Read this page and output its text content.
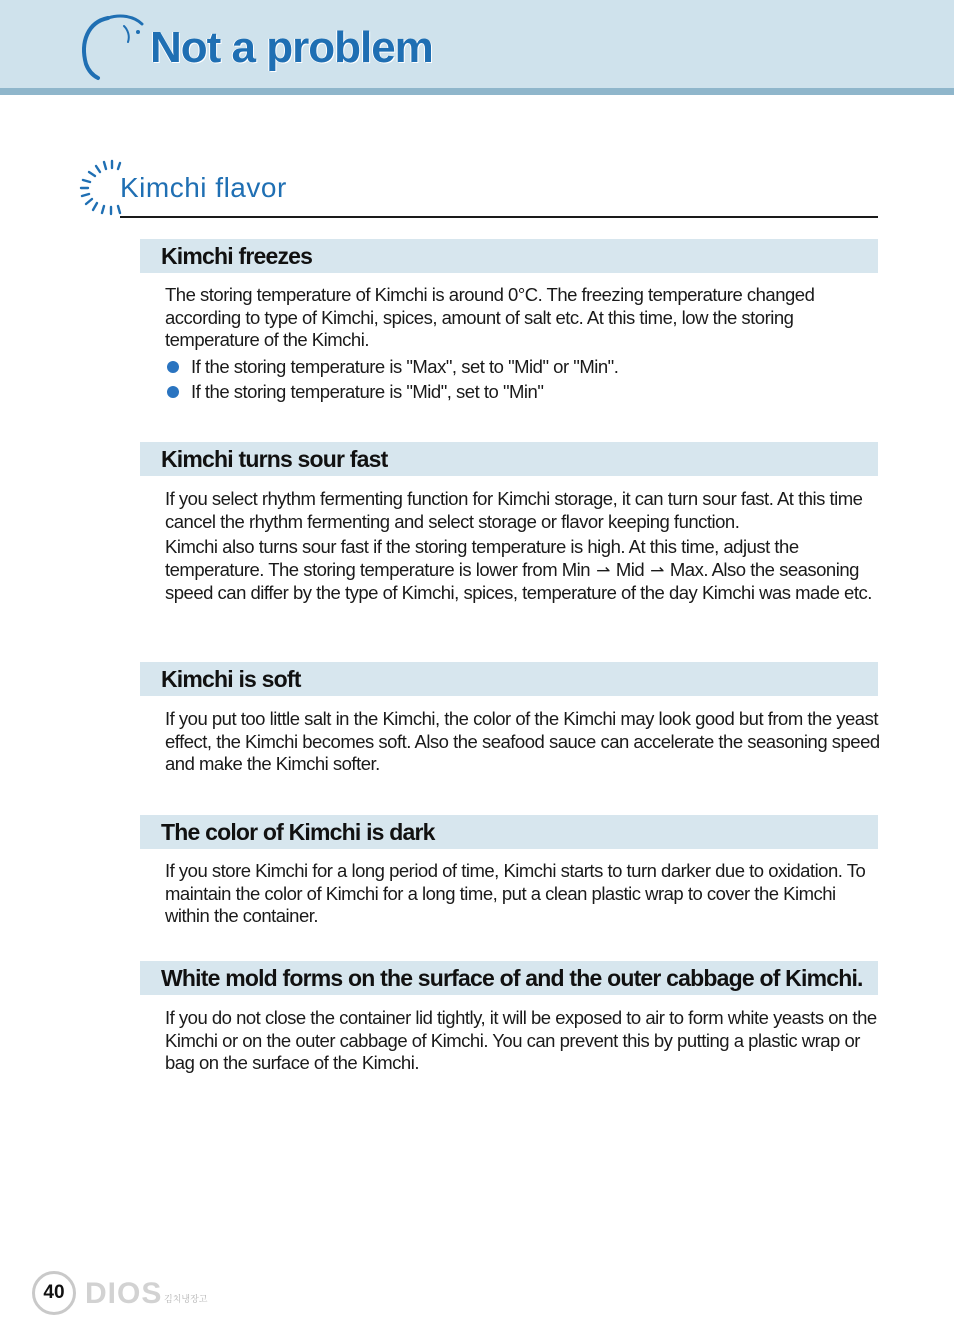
Not a problem
Kimchi flavor
Kimchi freezes

The storing temperature of Kimchi is around 0°C. The freezing temperature changed according to type of Kimchi, spices, amount of salt etc. At this time, low the storing temperature of the Kimchi.

If the storing temperature is "Max", set to "Mid" or "Min".
If the storing temperature is "Mid", set to "Min"
Kimchi turns sour fast

If you select rhythm fermenting function for Kimchi storage, it can turn sour fast. At this time cancel the rhythm fermenting and select storage or flavor keeping function.

Kimchi also turns sour fast if the storing temperature is high. At this time, adjust the temperature. The storing temperature is lower from Min ⇀ Mid ⇀ Max. Also the seasoning speed can differ by the type of Kimchi, spices, temperature of the day Kimchi was made etc.

Kimchi is soft

If you put too little salt in the Kimchi, the color of the Kimchi may look good but from the yeast effect, the Kimchi becomes soft. Also the seafood sauce can accelerate the seasoning speed and make the Kimchi softer.

The color of Kimchi is dark

If you store Kimchi for a long period of time, Kimchi starts to turn darker due to oxidation. To maintain the color of Kimchi for a long time, put a clean plastic wrap to cover the Kimchi within the container.

White mold forms on the surface of and the outer cabbage of Kimchi.

If you do not close the container lid tightly, it will be exposed to air to form white yeasts on the Kimchi or on the outer cabbage of Kimchi. You can prevent this by putting a plastic wrap or bag on the surface of the Kimchi.

40 DIOS 김치냉장고
